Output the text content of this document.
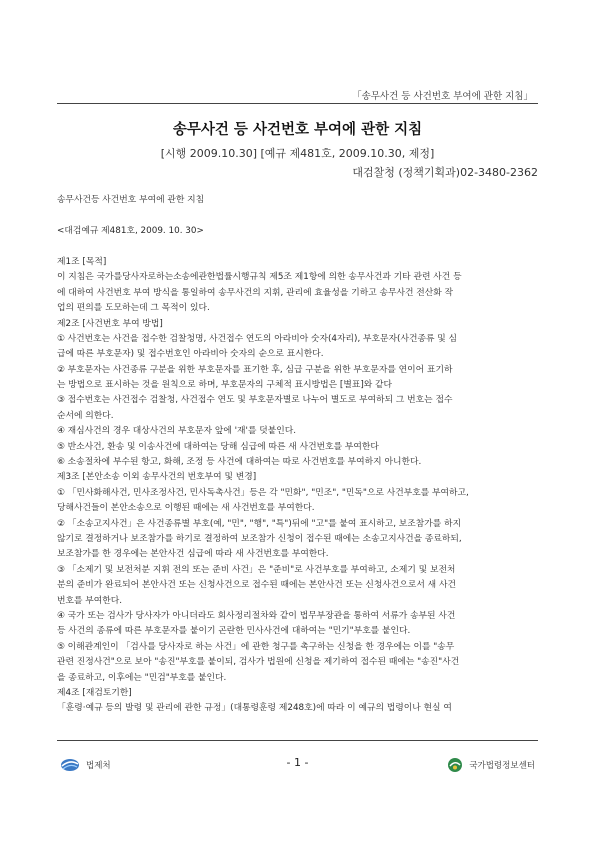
「송무사건 등 사건번호 부여에 관한 지침」
송무사건 등 사건번호 부여에 관한 지침
[시행 2009.10.30] [예규 제481호, 2009.10.30, 제정]
대검찰청 (정책기획과)02-3480-2362
송무사건등 사건번호 부여에 관한 지침
<대검예규 제481호, 2009. 10. 30>
제1조 [목적]
이 지침은 국가를당사자로하는소송에관한법률시행규칙 제5조 제1항에 의한 송무사건과 기타 관련 사건 등
에 대하여 사건번호 부여 방식을 통일하여 송무사건의 지휘, 관리에 효율성을 기하고 송무사건 전산화 작
업의 편의를 도모하는데 그 목적이 있다.
제2조 [사건번호 부여 방법]
① 사건번호는 사건을 접수한 검찰청명, 사건접수 연도의 아라비아 숫자(4자리), 부호문자(사건종류 및 심
급에 따른 부호문자) 및 접수번호인 아라비아 숫자의 순으로 표시한다.
② 부호문자는 사건종류 구분을 위한 부호문자를 표기한 후, 심급 구분을 위한 부호문자를 연이어 표기하
는 방법으로 표시하는 것을 원칙으로 하며, 부호문자의 구체적 표시방법은 [별표]와 같다
③ 접수번호는 사건접수 검찰청, 사건접수 연도 및 부호문자별로 나누어 별도로 부여하되 그 번호는 접수
순서에 의한다.
④ 재심사건의 경우 대상사건의 부호문자 앞에 '재'를 덧붙인다.
⑤ 반소사건, 환송 및 이송사건에 대하여는 당해 심급에 따른 새 사건번호를 부여한다
⑥ 소송절차에 부수된 항고, 화해, 조정 등 사건에 대하여는 따로 사건번호를 부여하지 아니한다.
제3조 [본안소송 이외 송무사건의 번호부여 및 변경]
① 「민사화해사건, 민사조정사건, 민사독촉사건」등은 각 "민화", "민조", "민독"으로 사건부호를 부여하고,
당해사건들이 본안소송으로 이행된 때에는 새 사건번호를 부여한다.
② 「소송고지사건」은 사건종류별 부호(예, "민", "행", "특")뒤에 "고"를 붙여 표시하고, 보조참가를 하지
않기로 결정하거나 보조참가를 하기로 결정하여 보조참가 신청이 접수된 때에는 소송고지사건을 종료하되,
보조참가를 한 경우에는 본안사건 심급에 따라 새 사건번호를 부여한다.
③ 「소제기 및 보전처분 지휘 전의 또는 준비 사건」은 "준비"로 사건부호를 부여하고, 소제기 및 보전처
분의 준비가 완료되어 본안사건 또는 신청사건으로 접수된 때에는 본안사건 또는 신청사건으로서 새 사건
번호를 부여한다.
④ 국가 또는 검사가 당사자가 아니더라도 회사정리절차와 같이 법무부장관을 통하여 서류가 송부된 사건
등 사건의 종류에 따른 부호문자를 붙이기 곤란한 민사사건에 대하여는 "민기"부호를 붙인다.
⑤ 이해관계인이 「검사를 당사자로 하는 사건」에 관한 청구를 촉구하는 신청을 한 경우에는 이를 "송무
관련 진정사건"으로 보아 "송진"부호를 붙이되, 검사가 법원에 신청을 제기하여 접수된 때에는 "송진"사건
을 종료하고, 이후에는 "민검"부호를 붙인다.
제4조 [재검토기한]
「훈령·예규 등의 발령 및 관리에 관한 규정」(대통령훈령 제248호)에 따라 이 예규의 법령이나 현실 여
법제처	- 1 -	국가법령정보센터
